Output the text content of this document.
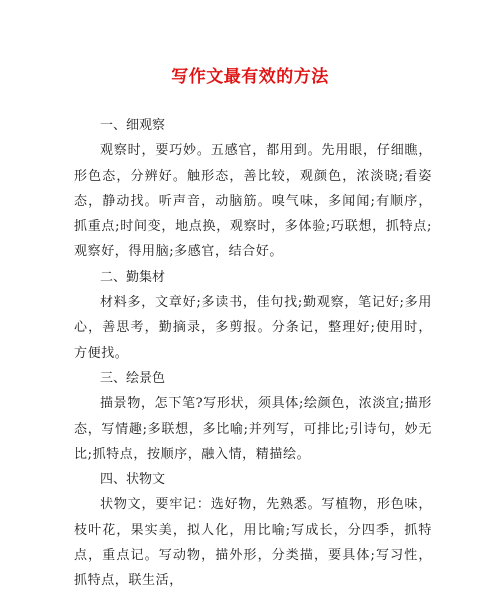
写作文最有效的方法
一、细观察
观察时，要巧妙。五感官，都用到。先用眼，仔细瞧，形色态，分辨好。触形态，善比较，观颜色，浓淡晓;看姿态，静动找。听声音，动脑筋。嗅气味，多闻闻;有顺序，抓重点;时间变，地点换，观察时，多体验;巧联想，抓特点;观察好，得用脑;多感官，结合好。
二、勤集材
材料多，文章好;多读书，佳句找;勤观察，笔记好;多用心，善思考，勤摘录，多剪报。分条记，整理好;使用时，方便找。
三、绘景色
描景物，怎下笔?写形状，须具体;绘颜色，浓淡宜;描形态，写情趣;多联想，多比喻;并列写，可排比;引诗句，妙无比;抓特点，按顺序，融入情，精描绘。
四、状物文
状物文，要牢记：选好物，先熟悉。写植物，形色味，枝叶花，果实美，拟人化，用比喻;写成长，分四季，抓特点，重点记。写动物，描外形，分类描，要具体;写习性，抓特点，联生活，
